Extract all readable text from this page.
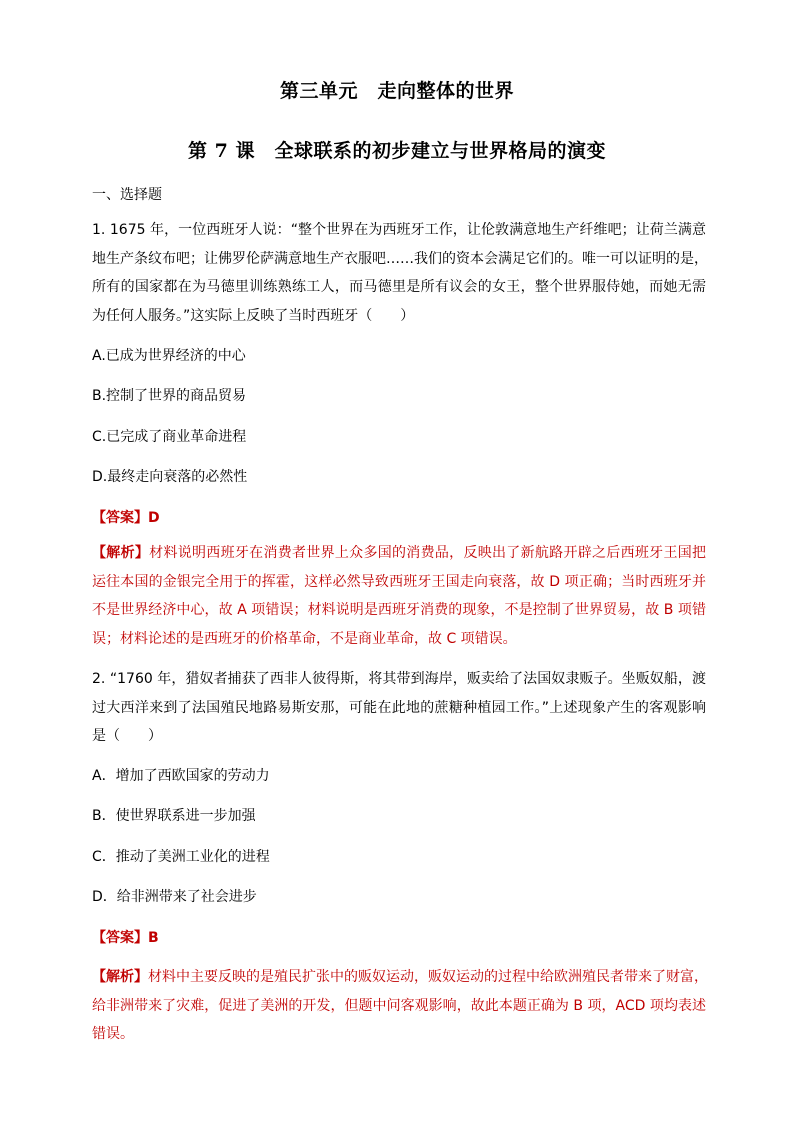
第三单元　走向整体的世界
第 7 课　全球联系的初步建立与世界格局的演变
一、选择题
1. 1675 年，一位西班牙人说：“整个世界在为西班牙工作，让伦敦满意地生产纤维吧；让荷兰满意
地生产条纹布吧；让佛罗伦萨满意地生产衣服吧……我们的资本会满足它们的。唯一可以证明的是，
所有的国家都在为马德里训练熟练工人，而马德里是所有议会的女王，整个世界服侍她，而她无需
为任何人服务。”这实际上反映了当时西班牙（　　）
A.已成为世界经济的中心
B.控制了世界的商品贸易
C.已完成了商业革命进程
D.最终走向衰落的必然性
【答案】D
【解析】材料说明西班牙在消费者世界上众多国的消费品，反映出了新航路开辟之后西班牙王国把
运往本国的金银完全用于的挥霍，这样必然导致西班牙王国走向衰落，故 D 项正确；当时西班牙并
不是世界经济中心，故 A 项错误；材料说明是西班牙消费的现象，不是控制了世界贸易，故 B 项错
误；材料论述的是西班牙的价格革命，不是商业革命，故 C 项错误。
2. “1760 年，猎奴者捕获了西非人彼得斯，将其带到海岸，贩卖给了法国奴隶贩子。坐贩奴船，渡
过大西洋来到了法国殖民地路易斯安那，可能在此地的蔗糖种植园工作。”上述现象产生的客观影响
是（　　）
A．增加了西欧国家的劳动力
B．使世界联系进一步加强
C．推动了美洲工业化的进程
D．给非洲带来了社会进步
【答案】B
【解析】材料中主要反映的是殖民扩张中的贩奴运动，贩奴运动的过程中给欧洲殖民者带来了财富，
给非洲带来了灾难，促进了美洲的开发，但题中问客观影响，故此本题正确为 B 项，ACD 项均表述
错误。
